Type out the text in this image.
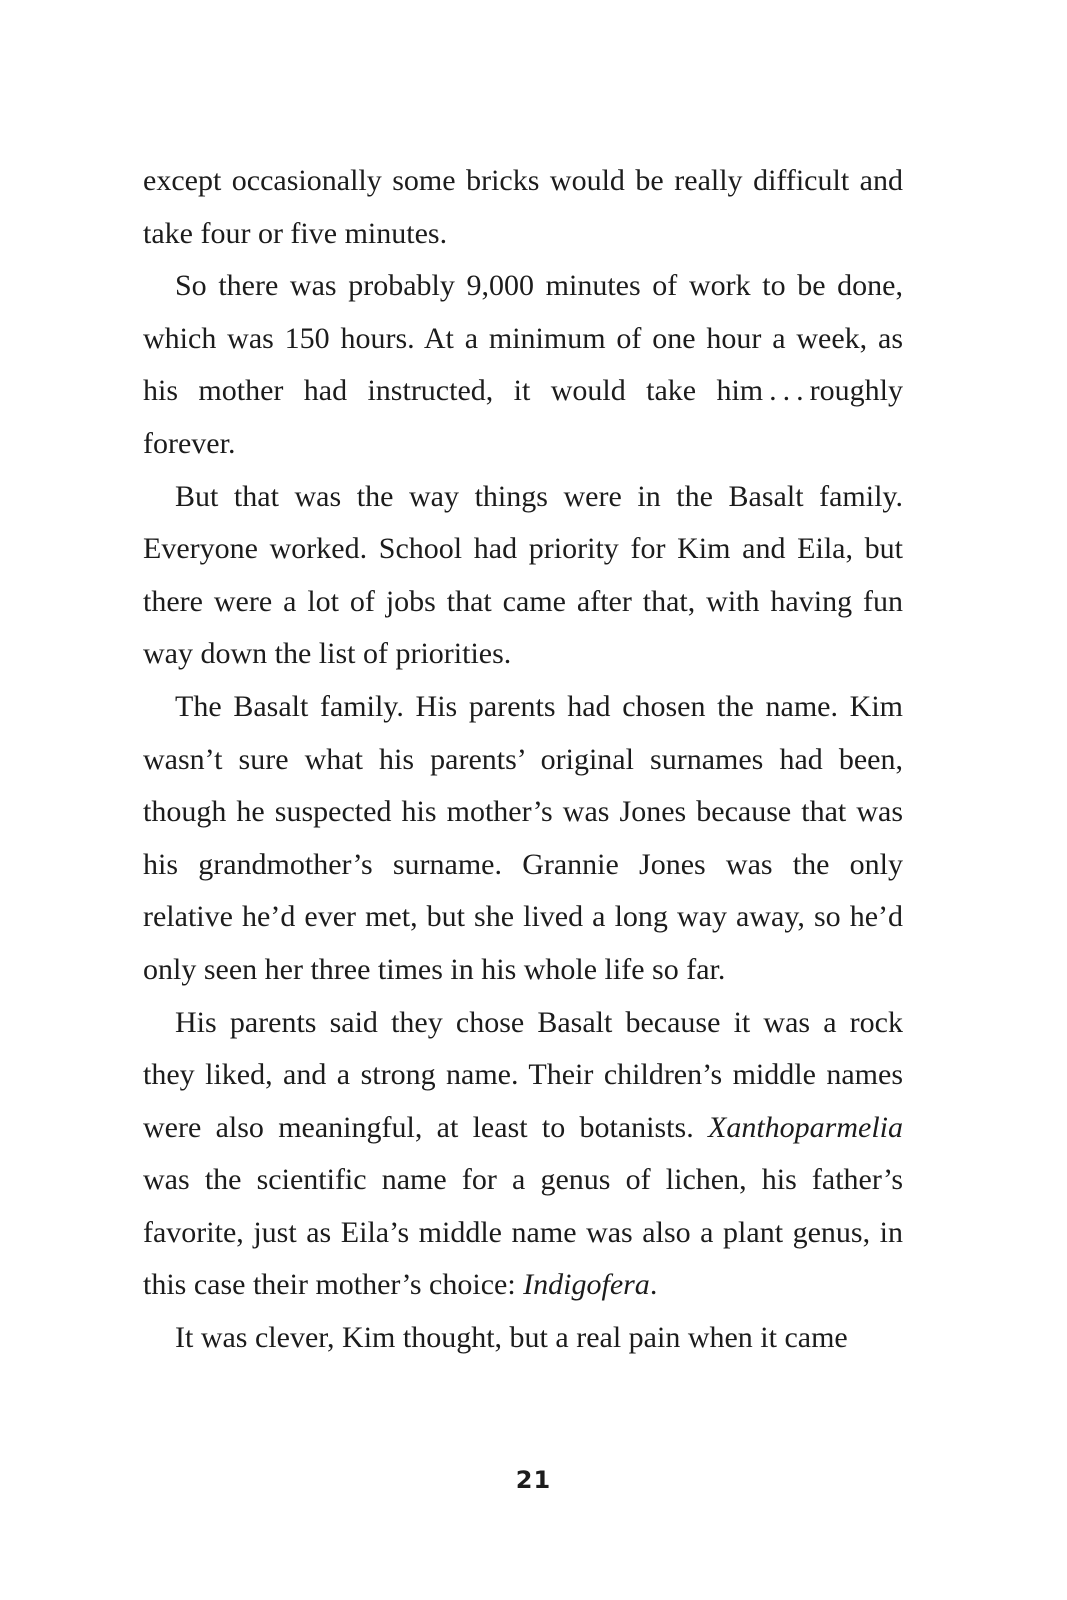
except occasionally some bricks would be really difficult and take four or five minutes.

So there was probably 9,000 minutes of work to be done, which was 150 hours. At a minimum of one hour a week, as his mother had instructed, it would take him . . . roughly forever.

But that was the way things were in the Basalt family. Everyone worked. School had priority for Kim and Eila, but there were a lot of jobs that came after that, with having fun way down the list of priorities.

The Basalt family. His parents had chosen the name. Kim wasn’t sure what his parents’ original surnames had been, though he suspected his mother’s was Jones because that was his grandmother’s surname. Grannie Jones was the only relative he’d ever met, but she lived a long way away, so he’d only seen her three times in his whole life so far.

His parents said they chose Basalt because it was a rock they liked, and a strong name. Their children’s middle names were also meaningful, at least to botanists. Xanthoparmelia was the scientific name for a genus of lichen, his father’s favorite, just as Eila’s middle name was also a plant genus, in this case their mother’s choice: Indigofera.

It was clever, Kim thought, but a real pain when it came

21
